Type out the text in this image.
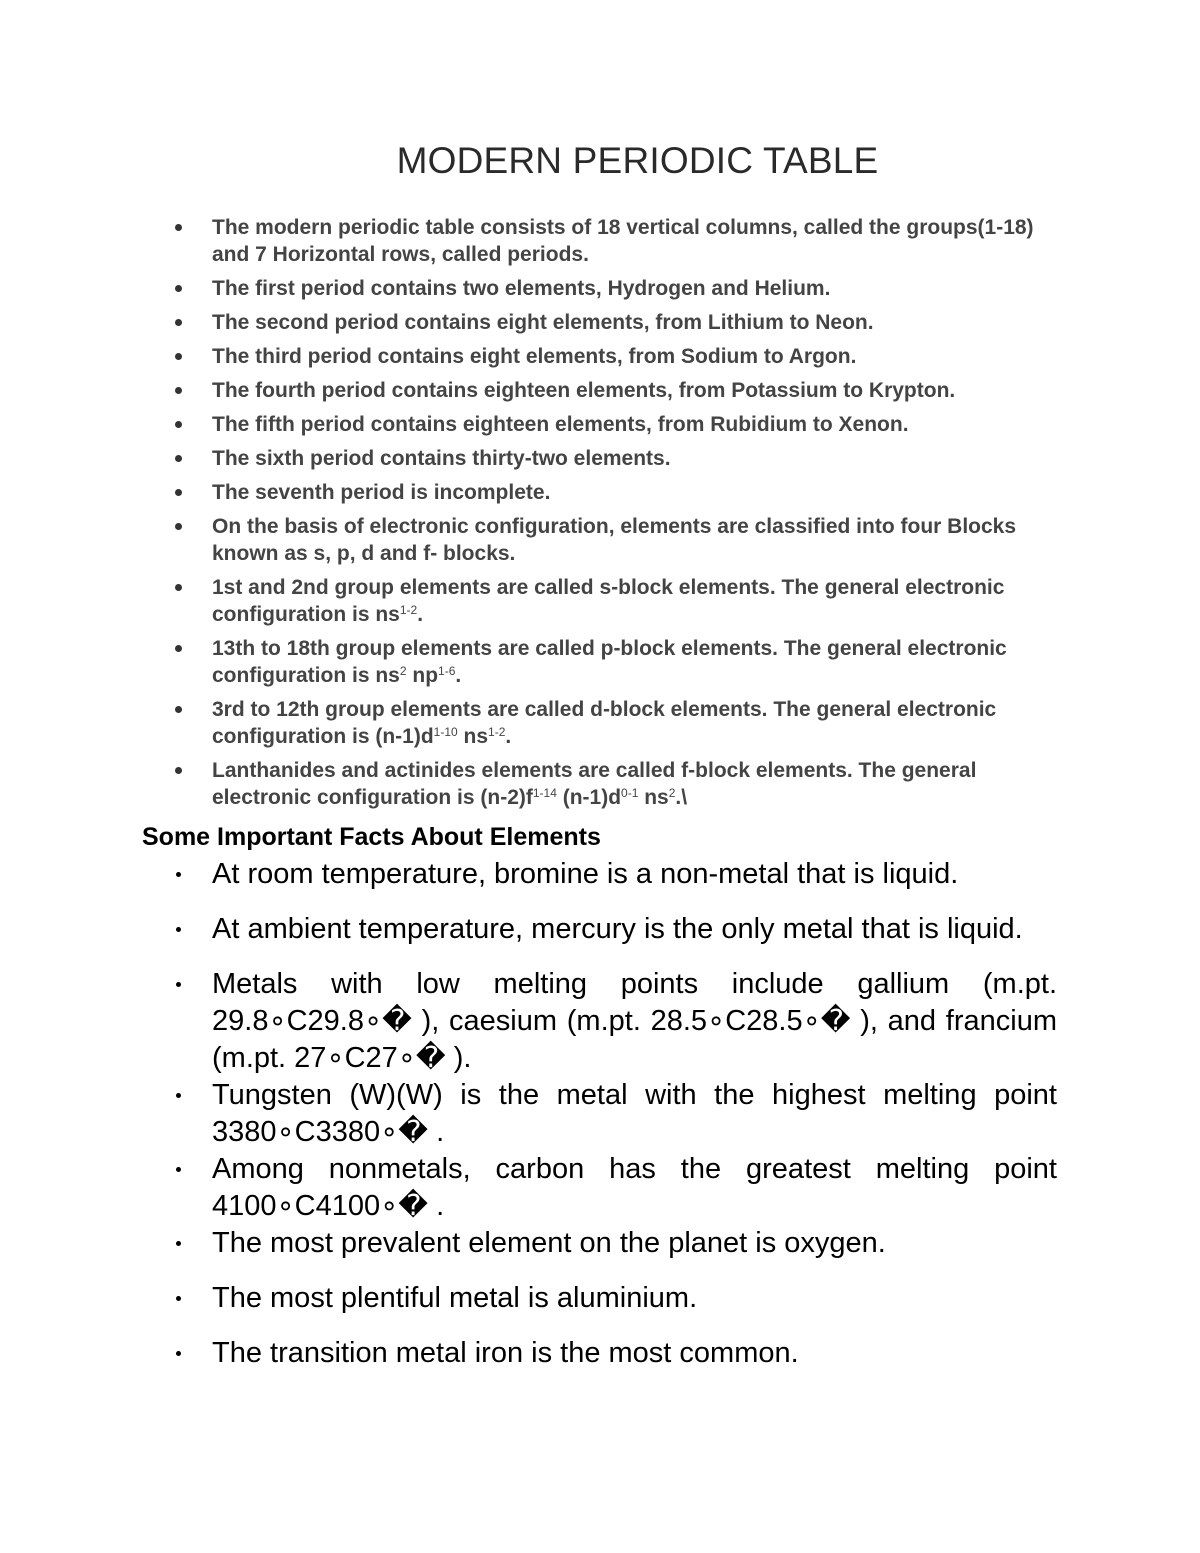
MODERN PERIODIC TABLE
The modern periodic table consists of 18 vertical columns, called the groups(1-18) and 7 Horizontal rows, called periods.
The first period contains two elements, Hydrogen and Helium.
The second period contains eight elements, from Lithium to Neon.
The third period contains eight elements, from Sodium to Argon.
The fourth period contains eighteen elements, from Potassium to Krypton.
The fifth period contains eighteen elements, from Rubidium to Xenon.
The sixth period contains thirty-two elements.
The seventh period is incomplete.
On the basis of electronic configuration, elements are classified into four Blocks known as s, p, d and f- blocks.
1st and 2nd group elements are called s-block elements. The general electronic configuration is $ns^{1-2}$.
13th to 18th group elements are called p-block elements. The general electronic configuration is $ns^2$ $np^{1-6}$.
3rd to 12th group elements are called d-block elements. The general electronic configuration is $(n-1)d^{1-10}$ $ns^{1-2}$.
Lanthanides and actinides elements are called f-block elements. The general electronic configuration is $(n-2)f^{1-14}$ $(n-1)d^{0-1}$ $ns^2.\backslash$
Some Important Facts About Elements
At room temperature, bromine is a non-metal that is liquid.
At ambient temperature, mercury is the only metal that is liquid.
Metals with low melting points include gallium (m.pt. 29.8∘C29.8∘� ), caesium (m.pt. 28.5∘C28.5∘� ), and francium (m.pt. 27∘C27∘� ).
Tungsten (W)(W) is the metal with the highest melting point 3380∘C3380∘� .
Among nonmetals, carbon has the greatest melting point 4100∘C4100∘� .
The most prevalent element on the planet is oxygen.
The most plentiful metal is aluminium.
The transition metal iron is the most common.
